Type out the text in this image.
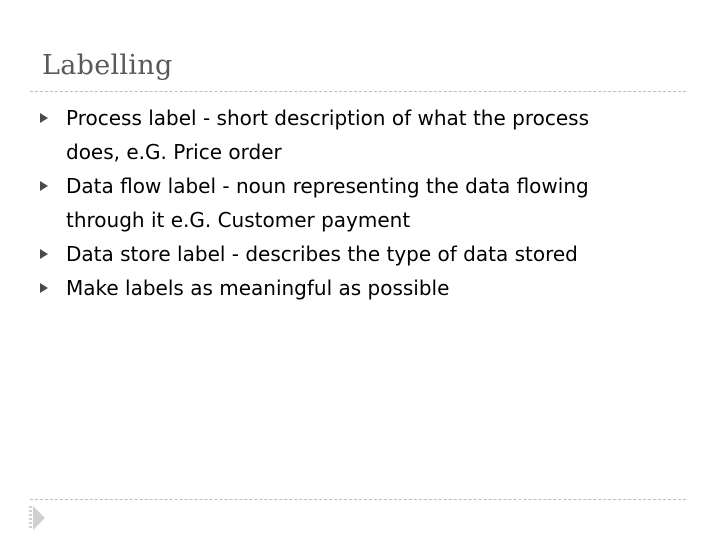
Labelling
Process label - short description of what the process does, e.G. Price order
Data flow label - noun representing the data flowing through it e.G. Customer payment
Data store label - describes the type of data stored
Make labels as meaningful as possible
